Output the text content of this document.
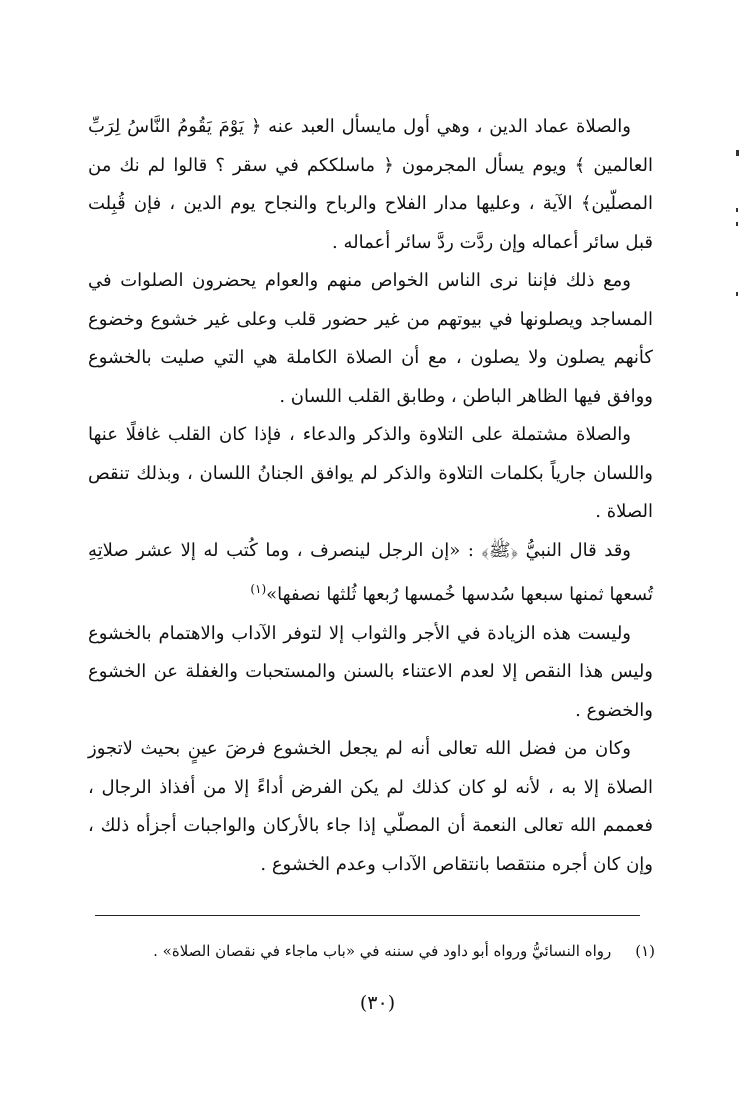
والصلاة عماد الدين ، وهي أول مايسأل العبد عنه ﴿ يَوْمَ يَقُومُ النَّاسُ لِرَبِّ العالمين ﴾ ويوم يسأل المجرمون ﴿ ماسلككم في سقر ؟ قالوا لم نك من المصلّين﴾ الآية ، وعليها مدار الفلاح والرباح والنجاح يوم الدين ، فإن قُبِلت قبل سائر أعماله وإن ردَّت ردَّ سائر أعماله .

ومع ذلك فإننا نرى الناس الخواص منهم والعوام يحضرون الصلوات في المساجد ويصلونها في بيوتهم من غير حضور قلب وعلى غير خشوع وخضوع كأنهم يصلون ولا يصلون ، مع أن الصلاة الكاملة هي التي صليت بالخشوع ووافق فيها الظاهر الباطن ، وطابق القلب اللسان .

والصلاة مشتملة على التلاوة والذكر والدعاء ، فإذا كان القلب غافلًا عنها واللسان جارياً بكلمات التلاوة والذكر لم يوافق الجنانُ اللسان ، وبذلك تنقص الصلاة .

وقد قال النبيُّ ﴿ﷺ﴾ : «إن الرجل لينصرف ، وما كُتب له إلا عشر صلاتِهِ تُسعها ثمنها سبعها سُدسها خُمسها رُبعها ثُلثها نصفها»$^{(١)}$

وليست هذه الزيادة في الأجر والثواب إلا لتوفر الآداب والاهتمام بالخشوع وليس هذا النقص إلا لعدم الاعتناء بالسنن والمستحبات والغفلة عن الخشوع والخضوع .

وكان من فضل الله تعالى أنه لم يجعل الخشوع فرضَ عينٍ بحيث لاتجوز الصلاة إلا به ، لأنه لو كان كذلك لم يكن الفرض أداءً إلا من أفذاذ الرجال ، فعممم الله تعالى النعمة أن المصلّي إذا جاء بالأركان والواجبات أجزأه ذلك ، وإن كان أجره منتقصا بانتقاص الآداب وعدم الخشوع .

(١)رواه النسائيُّ ورواه أبو داود في سننه في «باب ماجاء في نقصان الصلاة» .
(٣٠)
